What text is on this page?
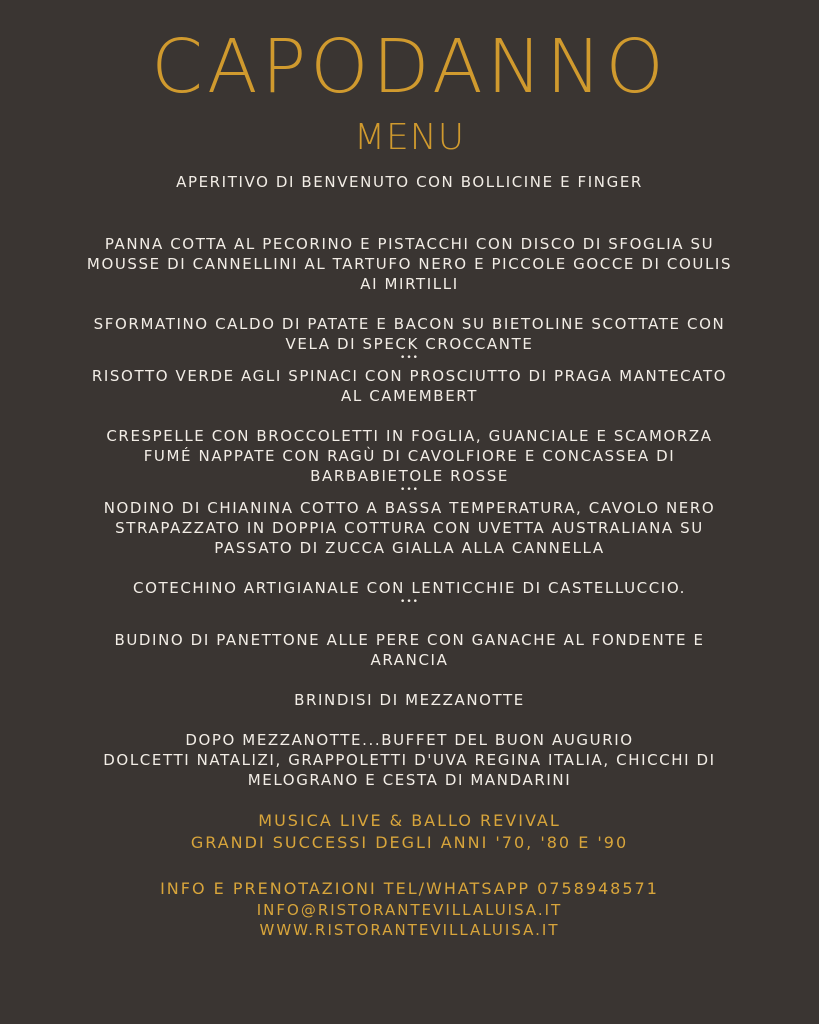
CAPODANNO
MENU
APERITIVO DI BENVENUTO CON BOLLICINE E FINGER
PANNA COTTA AL PECORINO E PISTACCHI CON DISCO DI SFOGLIA SU
MOUSSE DI CANNELLINI AL TARTUFO NERO E PICCOLE GOCCE DI COULIS
AI MIRTILLI
SFORMATINO CALDO DI PATATE E BACON SU BIETOLINE SCOTTATE CON
VELA DI SPECK CROCCANTE
•••
RISOTTO VERDE AGLI SPINACI CON PROSCIUTTO DI PRAGA MANTECATO
AL CAMEMBERT
CRESPELLE CON BROCCOLETTI IN FOGLIA, GUANCIALE E SCAMORZA
FUMÉ NAPPATE CON RAGÙ DI CAVOLFIORE E CONCASSEA DI
BARBABIETOLE ROSSE
•••
NODINO DI CHIANINA COTTO A BASSA TEMPERATURA, CAVOLO NERO
STRAPAZZATO IN DOPPIA COTTURA CON UVETTA AUSTRALIANA SU
PASSATO DI ZUCCA GIALLA ALLA CANNELLA
COTECHINO ARTIGIANALE CON LENTICCHIE DI CASTELLUCCIO.
•••
BUDINO DI PANETTONE ALLE PERE CON GANACHE AL FONDENTE E
ARANCIA
BRINDISI DI MEZZANOTTE
DOPO MEZZANOTTE...BUFFET DEL BUON AUGURIO
DOLCETTI NATALIZI, GRAPPOLETTI D'UVA REGINA ITALIA, CHICCHI DI
MELOGRANO E CESTA DI MANDARINI
MUSICA LIVE & BALLO REVIVAL
GRANDI SUCCESSI DEGLI ANNI '70, '80 E '90
INFO E PRENOTAZIONI TEL/WHATSAPP 0758948571
INFO@RISTORANTEVILLALUISA.IT
WWW.RISTORANTEVILLALUISA.IT
